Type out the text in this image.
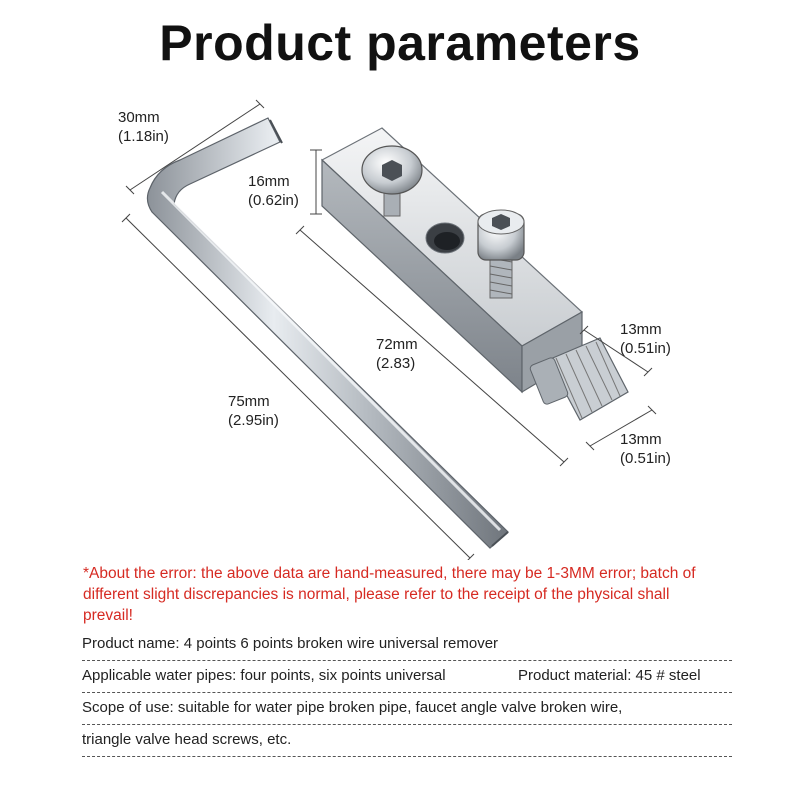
Product parameters
30mm
(1.18in)
16mm
(0.62in)
72mm
(2.83)
75mm
(2.95in)
13mm
(0.51in)
13mm
(0.51in)
*About the error: the above data are hand-measured, there may be 1-3MM error; batch of different slight discrepancies is normal, please refer to the receipt of the physical shall prevail!
Product name: 4 points 6 points broken wire universal remover
Applicable water pipes: four points, six points universal	Product material: 45 # steel
Scope of use: suitable for water pipe broken pipe, faucet angle valve broken wire,
triangle valve head screws, etc.
